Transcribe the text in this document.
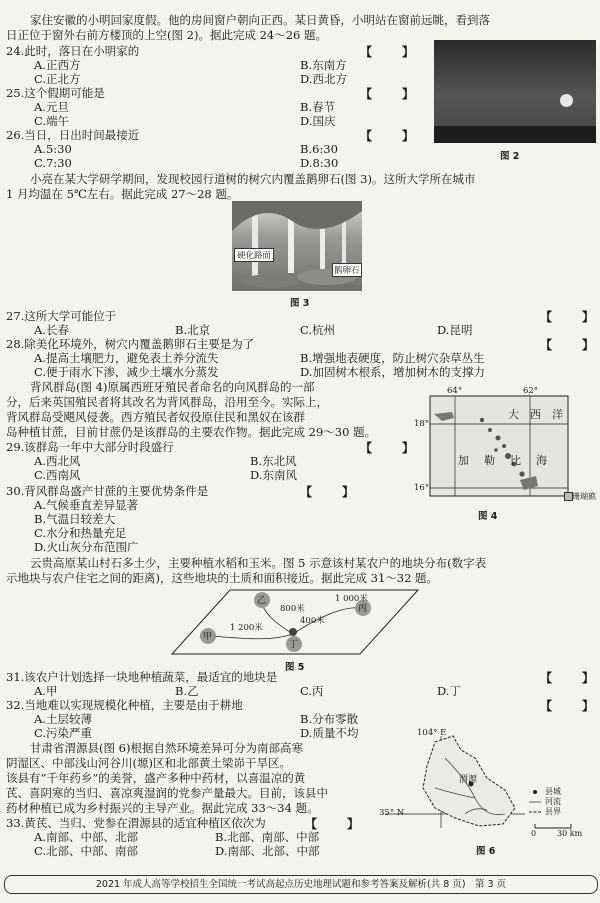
家住安徽的小明回家度假。他的房间窗户朝向正西。某日黄昏，小明站在窗前远眺，看到落
日正位于窗外右前方楼顶的上空(图 2)。据此完成 24～26 题。
24.此时，落日在小明家的	【　　】
A.正西方	B.东南方
C.正北方	D.西北方
25.这个假期可能是	【　　】
A.元旦	B.春节
C.端午	D.国庆
26.当日，日出时间最接近	【　　】
A.5:30	B.6:30
C.7:30	D.8:30	图 2
小亮在某大学研学期间，发现校园行道树的树穴内覆盖鹅卵石(图 3)。这所大学所在城市
1 月均温在 5℃左右。据此完成 27～28 题。
硬化路面
鹅卵石
图 3
27.这所大学可能位于	【　　】
A.长春	B.北京	C.杭州	D.昆明
28.除美化环境外，树穴内覆盖鹅卵石主要是为了	【　　】
A.提高土壤肥力，避免表土养分流失	B.增强地表硬度，防止树穴杂草丛生
C.便于雨水下渗，减少土壤水分蒸发	D.加固树木根系，增加树木的支撑力
背风群岛(图 4)原属西班牙殖民者命名的向风群岛的一部
分，后来英国殖民者将其改名为背风群岛，沿用至今。实际上，
背风群岛受飓风侵袭。西方殖民者奴役原住民和黑奴在该群
岛种植甘蔗，目前甘蔗仍是该群岛的主要农作物。据此完成 29～30 题。
64°	62°
18°
16°
大　西　洋
加　勒　比　海
珊瑚礁
图 4
29.该群岛一年中大部分时段盛行	【　　】
A.西北风	B.东北风
C.西南风	D.东南风
30.背风群岛盛产甘蔗的主要优势条件是	【　　】
A.气候垂直差异显著
B.气温日较差大
C.水分和热量充足
D.火山灰分布范围广
云贵高原某山村石多土少，主要种植水稻和玉米。图 5 示意该村某农户的地块分布(数字表
示地块与农户住宅之间的距离)，这些地块的土质和面积接近。据此完成 31～32 题。
乙
丙
甲
丁
800米
1 000米
1 200米
400米
图 5
31.该农户计划选择一块地种植蔬菜，最适宜的地块是	【　　】
A.甲	B.乙	C.丙	D.丁
32.当地难以实现规模化种植，主要是由于耕地	【　　】
A.土层较薄	B.分布零散
C.污染严重	D.质量不均
甘肃省渭源县(图 6)根据自然环境差异可分为南部高寒
阴湿区、中部浅山河谷川(塬)区和北部黄土梁峁干旱区。
该县有“千年药乡”的美誉，盛产多种中药材，以喜温凉的黄
芪、喜阴寒的当归、喜凉爽湿润的党参产量最大。目前，该县中
药材种植已成为乡村振兴的主导产业。据此完成 33～34 题。
33.黄芪、当归、党参在渭源县的适宜种植区依次为	【　　】
A.南部、中部、北部	B.北部、南部、中部
C.北部、中部、南部	D.南部、北部、中部
104° E
35° N
渭源
县城
河流
县界
0	30 km
图 6
2021 年成人高等学校招生全国统一考试高起点历史地理试题和参考答案及解析(共 8 页)　第 3 页
